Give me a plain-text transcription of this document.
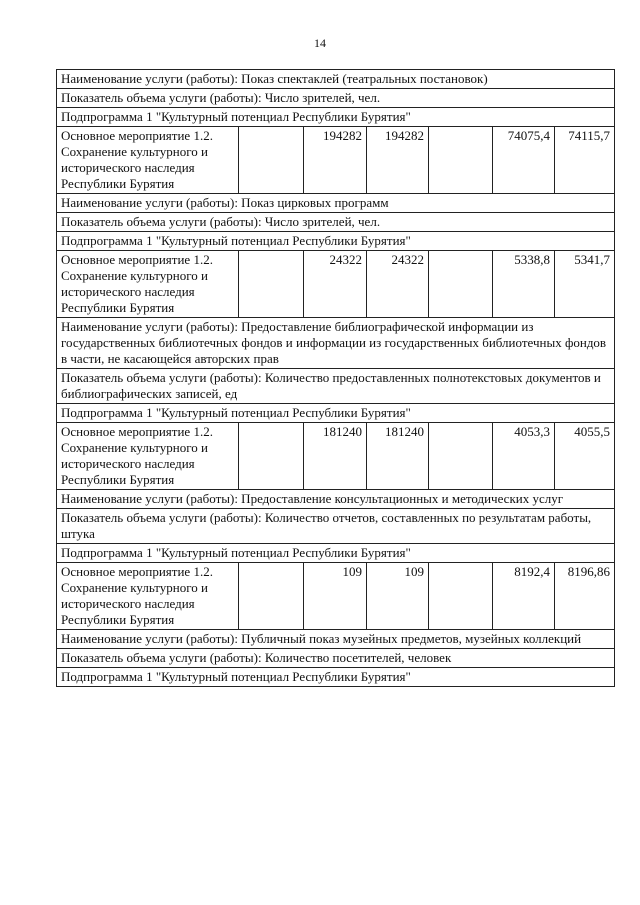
14
Наименование услуги (работы): Показ спектаклей (театральных постановок)						
Показатель объема услуги (работы): Число зрителей, чел.						
Подпрограмма 1 "Культурный потенциал Республики Бурятия"						
Основное мероприятие 1.2. Сохранение культурного и исторического наследия Республики Бурятия		194282	194282		74075,4	74115,7
Наименование услуги (работы): Показ цирковых программ						
Показатель объема услуги (работы): Число зрителей, чел.						
Подпрограмма 1 "Культурный потенциал Республики Бурятия"						
Основное мероприятие 1.2. Сохранение культурного и исторического наследия Республики Бурятия		24322	24322		5338,8	5341,7
Наименование услуги (работы): Предоставление библиографической информации из государственных библиотечных фондов и информации из государственных библиотечных фондов в части, не касающейся авторских прав						
Показатель объема услуги (работы): Количество предоставленных полнотекстовых документов и библиографических записей, ед						
Подпрограмма 1 "Культурный потенциал Республики Бурятия"						
Основное мероприятие 1.2. Сохранение культурного и исторического наследия Республики Бурятия		181240	181240		4053,3	4055,5
Наименование услуги (работы): Предоставление консультационных и методических услуг						
Показатель объема услуги (работы): Количество отчетов, составленных по результатам работы, штука						
Подпрограмма 1 "Культурный потенциал Республики Бурятия"						
Основное мероприятие 1.2. Сохранение культурного и исторического наследия Республики Бурятия		109	109		8192,4	8196,86
Наименование услуги (работы): Публичный показ музейных предметов, музейных коллекций						
Показатель объема услуги (работы): Количество посетителей, человек						
Подпрограмма 1 "Культурный потенциал Республики Бурятия"						
